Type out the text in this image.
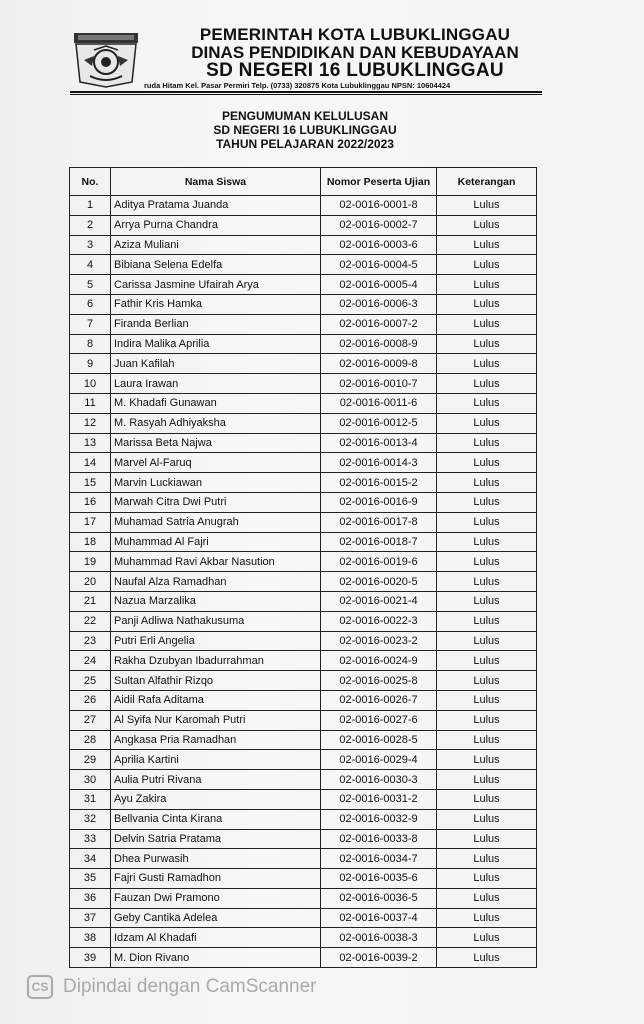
PEMERINTAH KOTA LUBUKLINGGAU
DINAS PENDIDIKAN DAN KEBUDAYAAN
SD NEGERI 16 LUBUKLINGGAU
ruda Hitam Kel. Pasar Permiri Telp. (0733) 320875 Kota Lubuklinggau NPSN: 10604424
PENGUMUMAN KELULUSAN
SD NEGERI 16 LUBUKLINGGAU
TAHUN PELAJARAN 2022/2023
No.	Nama Siswa	Nomor Peserta Ujian	Keterangan
1	Aditya Pratama Juanda	02-0016-0001-8	Lulus
2	Arrya Purna Chandra	02-0016-0002-7	Lulus
3	Aziza Muliani	02-0016-0003-6	Lulus
4	Bibiana Selena Edelfa	02-0016-0004-5	Lulus
5	Carissa Jasmine Ufairah Arya	02-0016-0005-4	Lulus
6	Fathir Kris Hamka	02-0016-0006-3	Lulus
7	Firanda Berlian	02-0016-0007-2	Lulus
8	Indira Malika Aprilia	02-0016-0008-9	Lulus
9	Juan Kafilah	02-0016-0009-8	Lulus
10	Laura Irawan	02-0016-0010-7	Lulus
11	M. Khadafi Gunawan	02-0016-0011-6	Lulus
12	M. Rasyah Adhiyaksha	02-0016-0012-5	Lulus
13	Marissa Beta Najwa	02-0016-0013-4	Lulus
14	Marvel Al-Faruq	02-0016-0014-3	Lulus
15	Marvin Luckiawan	02-0016-0015-2	Lulus
16	Marwah Citra Dwi Putri	02-0016-0016-9	Lulus
17	Muhamad Satria Anugrah	02-0016-0017-8	Lulus
18	Muhammad Al Fajri	02-0016-0018-7	Lulus
19	Muhammad Ravi Akbar Nasution	02-0016-0019-6	Lulus
20	Naufal Alza Ramadhan	02-0016-0020-5	Lulus
21	Nazua Marzalika	02-0016-0021-4	Lulus
22	Panji Adliwa Nathakusuma	02-0016-0022-3	Lulus
23	Putri Erli Angelia	02-0016-0023-2	Lulus
24	Rakha Dzubyan Ibadurrahman	02-0016-0024-9	Lulus
25	Sultan Alfathir Rizqo	02-0016-0025-8	Lulus
26	Aidil Rafa Aditama	02-0016-0026-7	Lulus
27	Al Syifa Nur Karomah Putri	02-0016-0027-6	Lulus
28	Angkasa Pria Ramadhan	02-0016-0028-5	Lulus
29	Aprilia Kartini	02-0016-0029-4	Lulus
30	Aulia Putri Rivana	02-0016-0030-3	Lulus
31	Ayu Zakira	02-0016-0031-2	Lulus
32	Bellvania Cinta Kirana	02-0016-0032-9	Lulus
33	Delvin Satria Pratama	02-0016-0033-8	Lulus
34	Dhea Purwasih	02-0016-0034-7	Lulus
35	Fajri Gusti Ramadhon	02-0016-0035-6	Lulus
36	Fauzan Dwi Pramono	02-0016-0036-5	Lulus
37	Geby Cantika Adelea	02-0016-0037-4	Lulus
38	Idzam Al Khadafi	02-0016-0038-3	Lulus
39	M. Dion Rivano	02-0016-0039-2	Lulus
CS Dipindai dengan CamScanner
